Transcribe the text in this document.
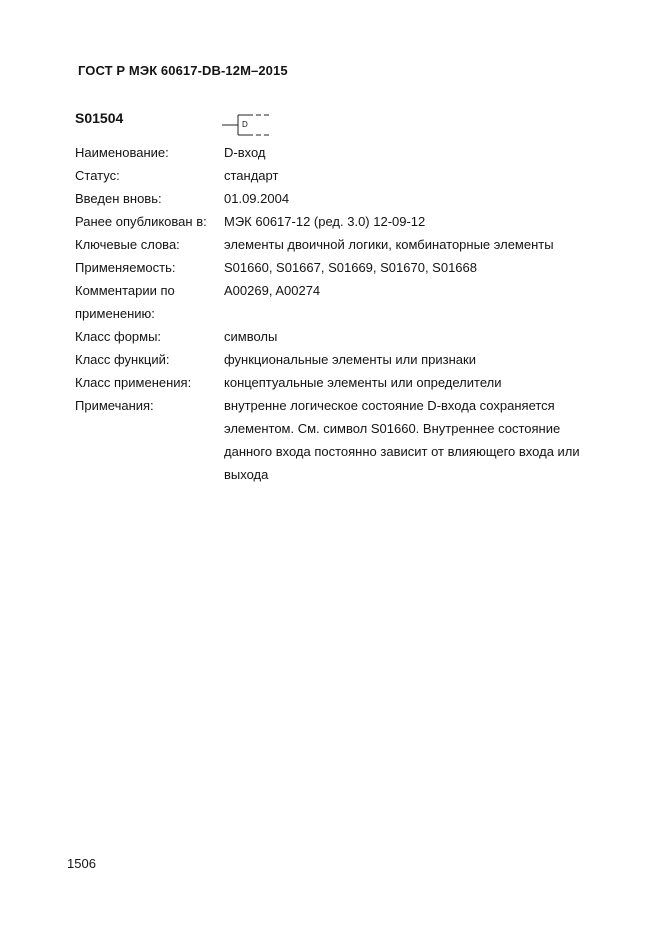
ГОСТ Р МЭК 60617-DB-12M–2015
S01504	D
Наименование:	D-вход
Статус:	стандарт
Введен вновь:	01.09.2004
Ранее опубликован в:	МЭК 60617-12 (ред. 3.0) 12-09-12
Ключевые слова:	элементы двоичной логики, комбинаторные элементы
Применяемость:	S01660, S01667, S01669, S01670, S01668
Комментарии по применению:
A00269, A00274
Класс формы:	символы
Класс функций:	функциональные элементы или признаки
Класс применения:	концептуальные элементы или определители
Примечания:	внутренне логическое состояние D-входа сохраняется элементом. См. символ S01660. Внутреннее состояние данного входа постоянно зависит от влияющего входа или выхода
1506
